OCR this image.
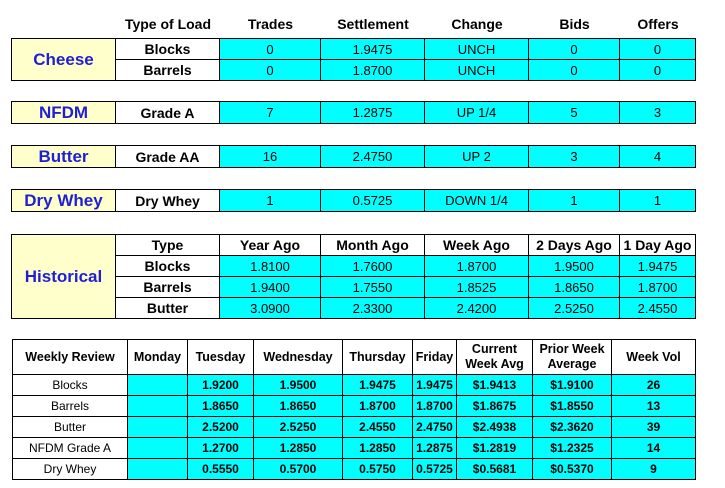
	Type of Load	Trades	Settlement	Change	Bids	Offers
Cheese	Blocks	0	1.9475	UNCH	0	0
	Barrels	0	1.8700	UNCH	0	0
NFDM	Grade A	7	1.2875	UP 1/4	5	3
Butter	Grade AA	16	2.4750	UP 2	3	4
Dry Whey	Dry Whey	1	0.5725	DOWN 1/4	1	1
Historical	Type	Year Ago	Month Ago	Week Ago	2 Days Ago	1 Day Ago
	Blocks	1.8100	1.7600	1.8700	1.9500	1.9475
	Barrels	1.9400	1.7550	1.8525	1.8650	1.8700
	Butter	3.0900	2.3300	2.4200	2.5250	2.4550
Weekly Review	Monday	Tuesday	Wednesday	Thursday	Friday	Current Week Avg	Prior Week Average	Week Vol
Blocks		1.9200	1.9500	1.9475	1.9475	$1.9413	$1.9100	26
Barrels		1.8650	1.8650	1.8700	1.8700	$1.8675	$1.8550	13
Butter		2.5200	2.5250	2.4550	2.4750	$2.4938	$2.3620	39
NFDM Grade A		1.2700	1.2850	1.2850	1.2875	$1.2819	$1.2325	14
Dry Whey		0.5550	0.5700	0.5750	0.5725	$0.5681	$0.5370	9
